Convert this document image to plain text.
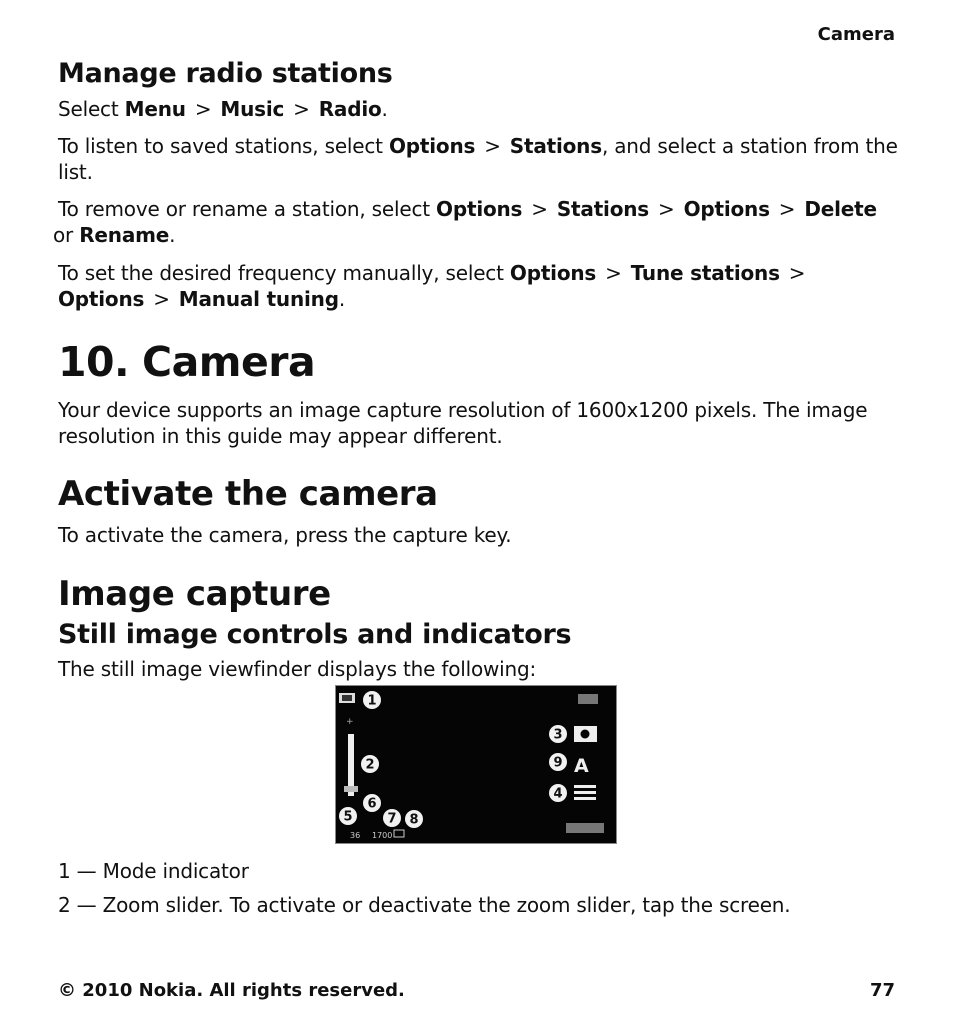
Camera
Manage radio stations
Select Menu > Music > Radio.
To listen to saved stations, select Options > Stations, and select a station from the list.
To remove or rename a station, select Options > Stations > Options > Delete
or Rename.
To set the desired frequency manually, select Options > Tune stations >
Options > Manual tuning.
10. Camera
Your device supports an image capture resolution of 1600x1200 pixels. The image resolution in this guide may appear different.
Activate the camera
To activate the camera, press the capture key.
Image capture
Still image controls and indicators
The still image viewfinder displays the following:
+
A
36 1700
1
2
3
9
4
6
5	7 8
1 — Mode indicator
2 — Zoom slider. To activate or deactivate the zoom slider, tap the screen.
© 2010 Nokia. All rights reserved.	77
